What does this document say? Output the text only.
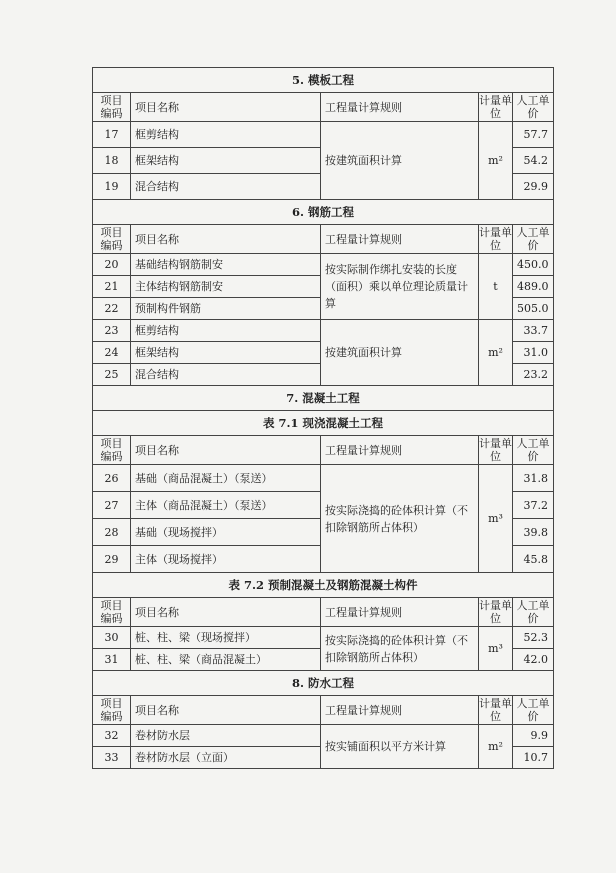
5. 模板工程				
项目编码	项目名称	工程量计算规则	计量单位	人工单价
17	框剪结构	按建筑面积计算	m²	57.7
18	框架结构			54.2
19	混合结构			29.9
6. 钢筋工程				
项目编码	项目名称	工程量计算规则	计量单位	人工单价
20	基础结构钢筋制安	按实际制作绑扎安装的长度（面积）乘以单位理论质量计算	t	450.0
21	主体结构钢筋制安			489.0
22	预制构件钢筋			505.0
23	框剪结构	按建筑面积计算	m²	33.7
24	框架结构			31.0
25	混合结构			23.2
7. 混凝土工程				
表 7.1 现浇混凝土工程				
项目编码	项目名称	工程量计算规则	计量单位	人工单价
26	基础（商品混凝土）（泵送）	按实际浇捣的砼体积计算（不扣除钢筋所占体积）	m³	31.8
27	主体（商品混凝土）（泵送）			37.2
28	基础（现场搅拌）			39.8
29	主体（现场搅拌）			45.8
表 7.2 预制混凝土及钢筋混凝土构件				
项目编码	项目名称	工程量计算规则	计量单位	人工单价
30	桩、柱、梁（现场搅拌）	按实际浇捣的砼体积计算（不扣除钢筋所占体积）	m³	52.3
31	桩、柱、梁（商品混凝土）			42.0
8. 防水工程				
项目编码	项目名称	工程量计算规则	计量单位	人工单价
32	卷材防水层	按实铺面积以平方米计算	m²	9.9
33	卷材防水层（立面）			10.7
